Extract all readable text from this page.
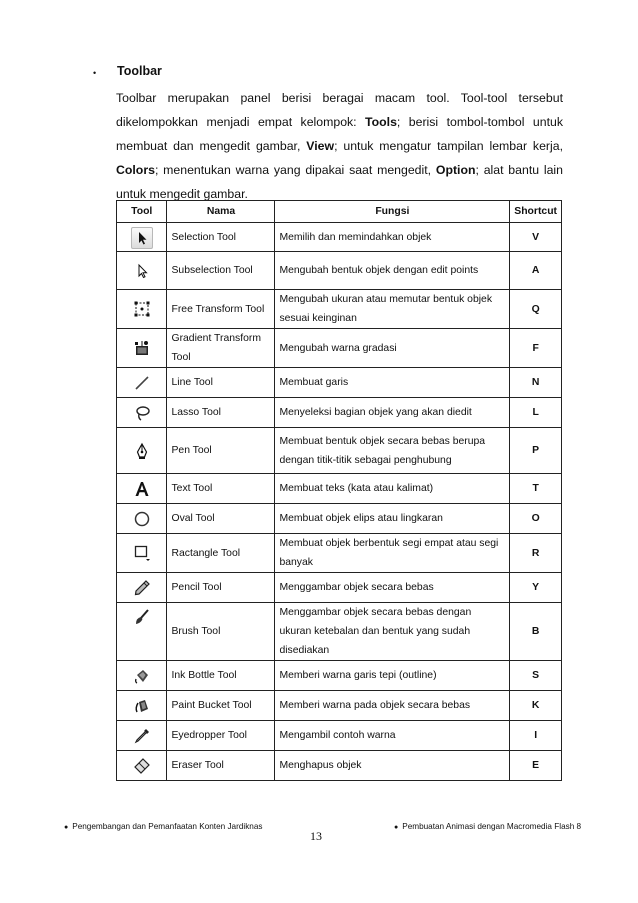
• Toolbar
Toolbar merupakan panel berisi beragai macam tool. Tool-tool tersebut dikelompokkan menjadi empat kelompok: Tools; berisi tombol-tombol untuk membuat dan mengedit gambar, View; untuk mengatur tampilan lembar kerja, Colors; menentukan warna yang dipakai saat mengedit, Option; alat bantu lain untuk mengedit gambar.
Tool	Nama	Fungsi	Shortcut

	Selection Tool	Memilih dan memindahkan objek	V

	Subselection Tool	Mengubah bentuk objek dengan edit points	A

	Free Transform Tool	Mengubah ukuran atau memutar bentuk objek sesuai keinginan	Q

	Gradient Transform Tool	Mengubah warna gradasi	F

	Line Tool	Membuat garis	N

	Lasso Tool	Menyeleksi bagian objek yang akan diedit	L

	Pen Tool	Membuat bentuk objek secara bebas berupa dengan titik-titik sebagai penghubung	P

	Text Tool	Membuat teks (kata atau kalimat)	T

	Oval Tool	Membuat objek elips atau lingkaran	O

	Ractangle Tool	Membuat objek berbentuk segi empat atau segi banyak	R

	Pencil Tool	Menggambar objek secara bebas	Y

	Brush Tool	Menggambar objek secara bebas dengan ukuran ketebalan dan bentuk yang sudah disediakan	B

	Ink Bottle Tool	Memberi warna garis tepi (outline)	S

	Paint Bucket Tool	Memberi warna pada objek secara bebas	K

	Eyedropper Tool	Mengambil contoh warna	I

	Eraser Tool	Menghapus objek	E
● Pengembangan dan Pemanfaatan Konten Jardiknas
13
● Pembuatan Animasi dengan Macromedia Flash 8
